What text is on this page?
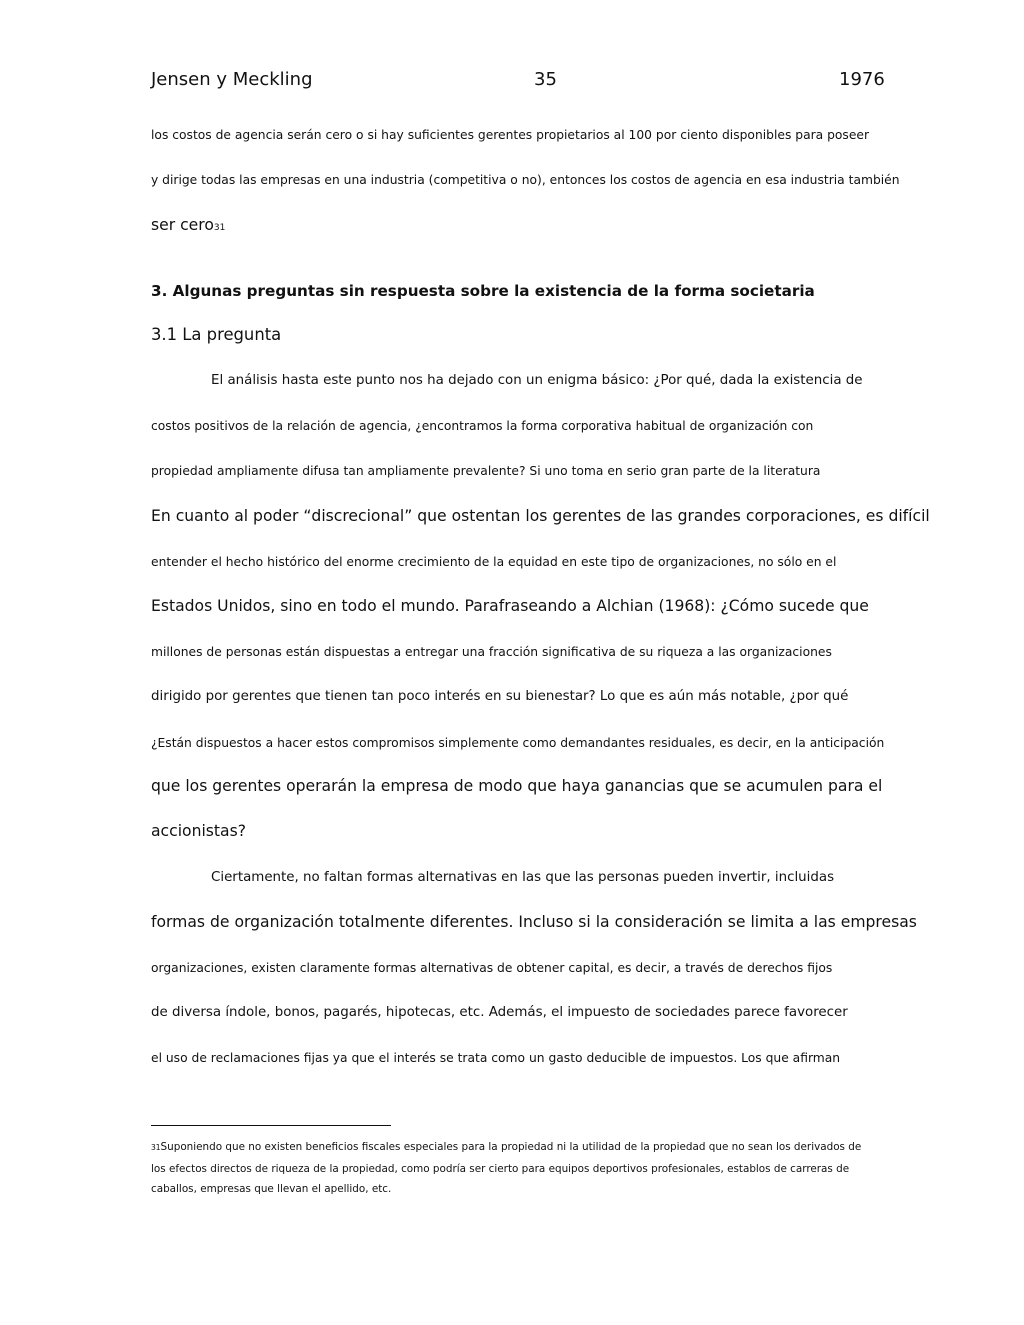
Jensen y Meckling	35	1976

los costos de agencia serán cero o si hay suficientes gerentes propietarios al 100 por ciento disponibles para poseer

y dirige todas las empresas en una industria (competitiva o no), entonces los costos de agencia en esa industria también

ser cero31

3. Algunas preguntas sin respuesta sobre la existencia de la forma societaria
3.1 La pregunta

El análisis hasta este punto nos ha dejado con un enigma básico: ¿Por qué, dada la existencia de

costos positivos de la relación de agencia, ¿encontramos la forma corporativa habitual de organización con

propiedad ampliamente difusa tan ampliamente prevalente? Si uno toma en serio gran parte de la literatura

En cuanto al poder “discrecional” que ostentan los gerentes de las grandes corporaciones, es difícil

entender el hecho histórico del enorme crecimiento de la equidad en este tipo de organizaciones, no sólo en el

Estados Unidos, sino en todo el mundo. Parafraseando a Alchian (1968): ¿Cómo sucede que

millones de personas están dispuestas a entregar una fracción significativa de su riqueza a las organizaciones

dirigido por gerentes que tienen tan poco interés en su bienestar? Lo que es aún más notable, ¿por qué

¿Están dispuestos a hacer estos compromisos simplemente como demandantes residuales, es decir, en la anticipación

que los gerentes operarán la empresa de modo que haya ganancias que se acumulen para el

accionistas?

Ciertamente, no faltan formas alternativas en las que las personas pueden invertir, incluidas

formas de organización totalmente diferentes. Incluso si la consideración se limita a las empresas

organizaciones, existen claramente formas alternativas de obtener capital, es decir, a través de derechos fijos

de diversa índole, bonos, pagarés, hipotecas, etc. Además, el impuesto de sociedades parece favorecer

el uso de reclamaciones fijas ya que el interés se trata como un gasto deducible de impuestos. Los que afirman

31Suponiendo que no existen beneficios fiscales especiales para la propiedad ni la utilidad de la propiedad que no sean los derivados de los efectos directos de riqueza de la propiedad, como podría ser cierto para equipos deportivos profesionales, establos de carreras de caballos, empresas que llevan el apellido, etc.
